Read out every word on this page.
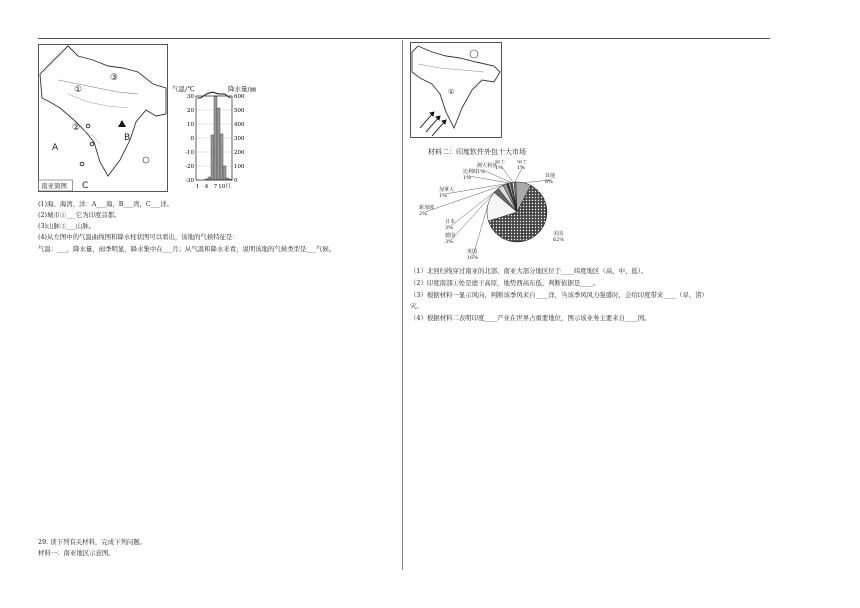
①
②
③
A
B
C
南亚简图
气温/℃	降水量/㎜
30	600
20	500
10	400
0	300
-10	200
-20	100
-30	0
1 4 7 10月
(1)海、海湾、洋：A___海，B___湾，C___洋。
(2)城市①___它为印度首都。
(3)山脉③___山脉。
(4)从左图中的气温曲线图和降水柱状图可以看出，该地的气候特征是：
气温：___，降水量，雨季明显，降水集中在___月；从气温和降水来看，说明该地的气候类型是___气候。
29. 读下列有关材料，完成下列问题。
材料一：南亚地区示意图。
①
材料二：印度软件外包十大市场
美国
62%
英国
16%
德国
3%
日本
3%
新加坡
2%
加拿大
1%
比利时
1%
澳大利亚
1%
瑞士
1%
瑞士
1%
其他
8%
（1）北回归线穿过南亚的北部，南亚大部分地区位于____纬度地区（高、中、低）。
（2）印度南部①处是德干高原，地势西高东低，判断依据是____。
（3）根据材料一显示风向，判断该季风来自____洋，当该季风风力强盛时，会给印度带来____（旱、涝）
灾。
（4）根据材料二表明印度____产业在世界占重要地位，图示该业务主要来自____国。
